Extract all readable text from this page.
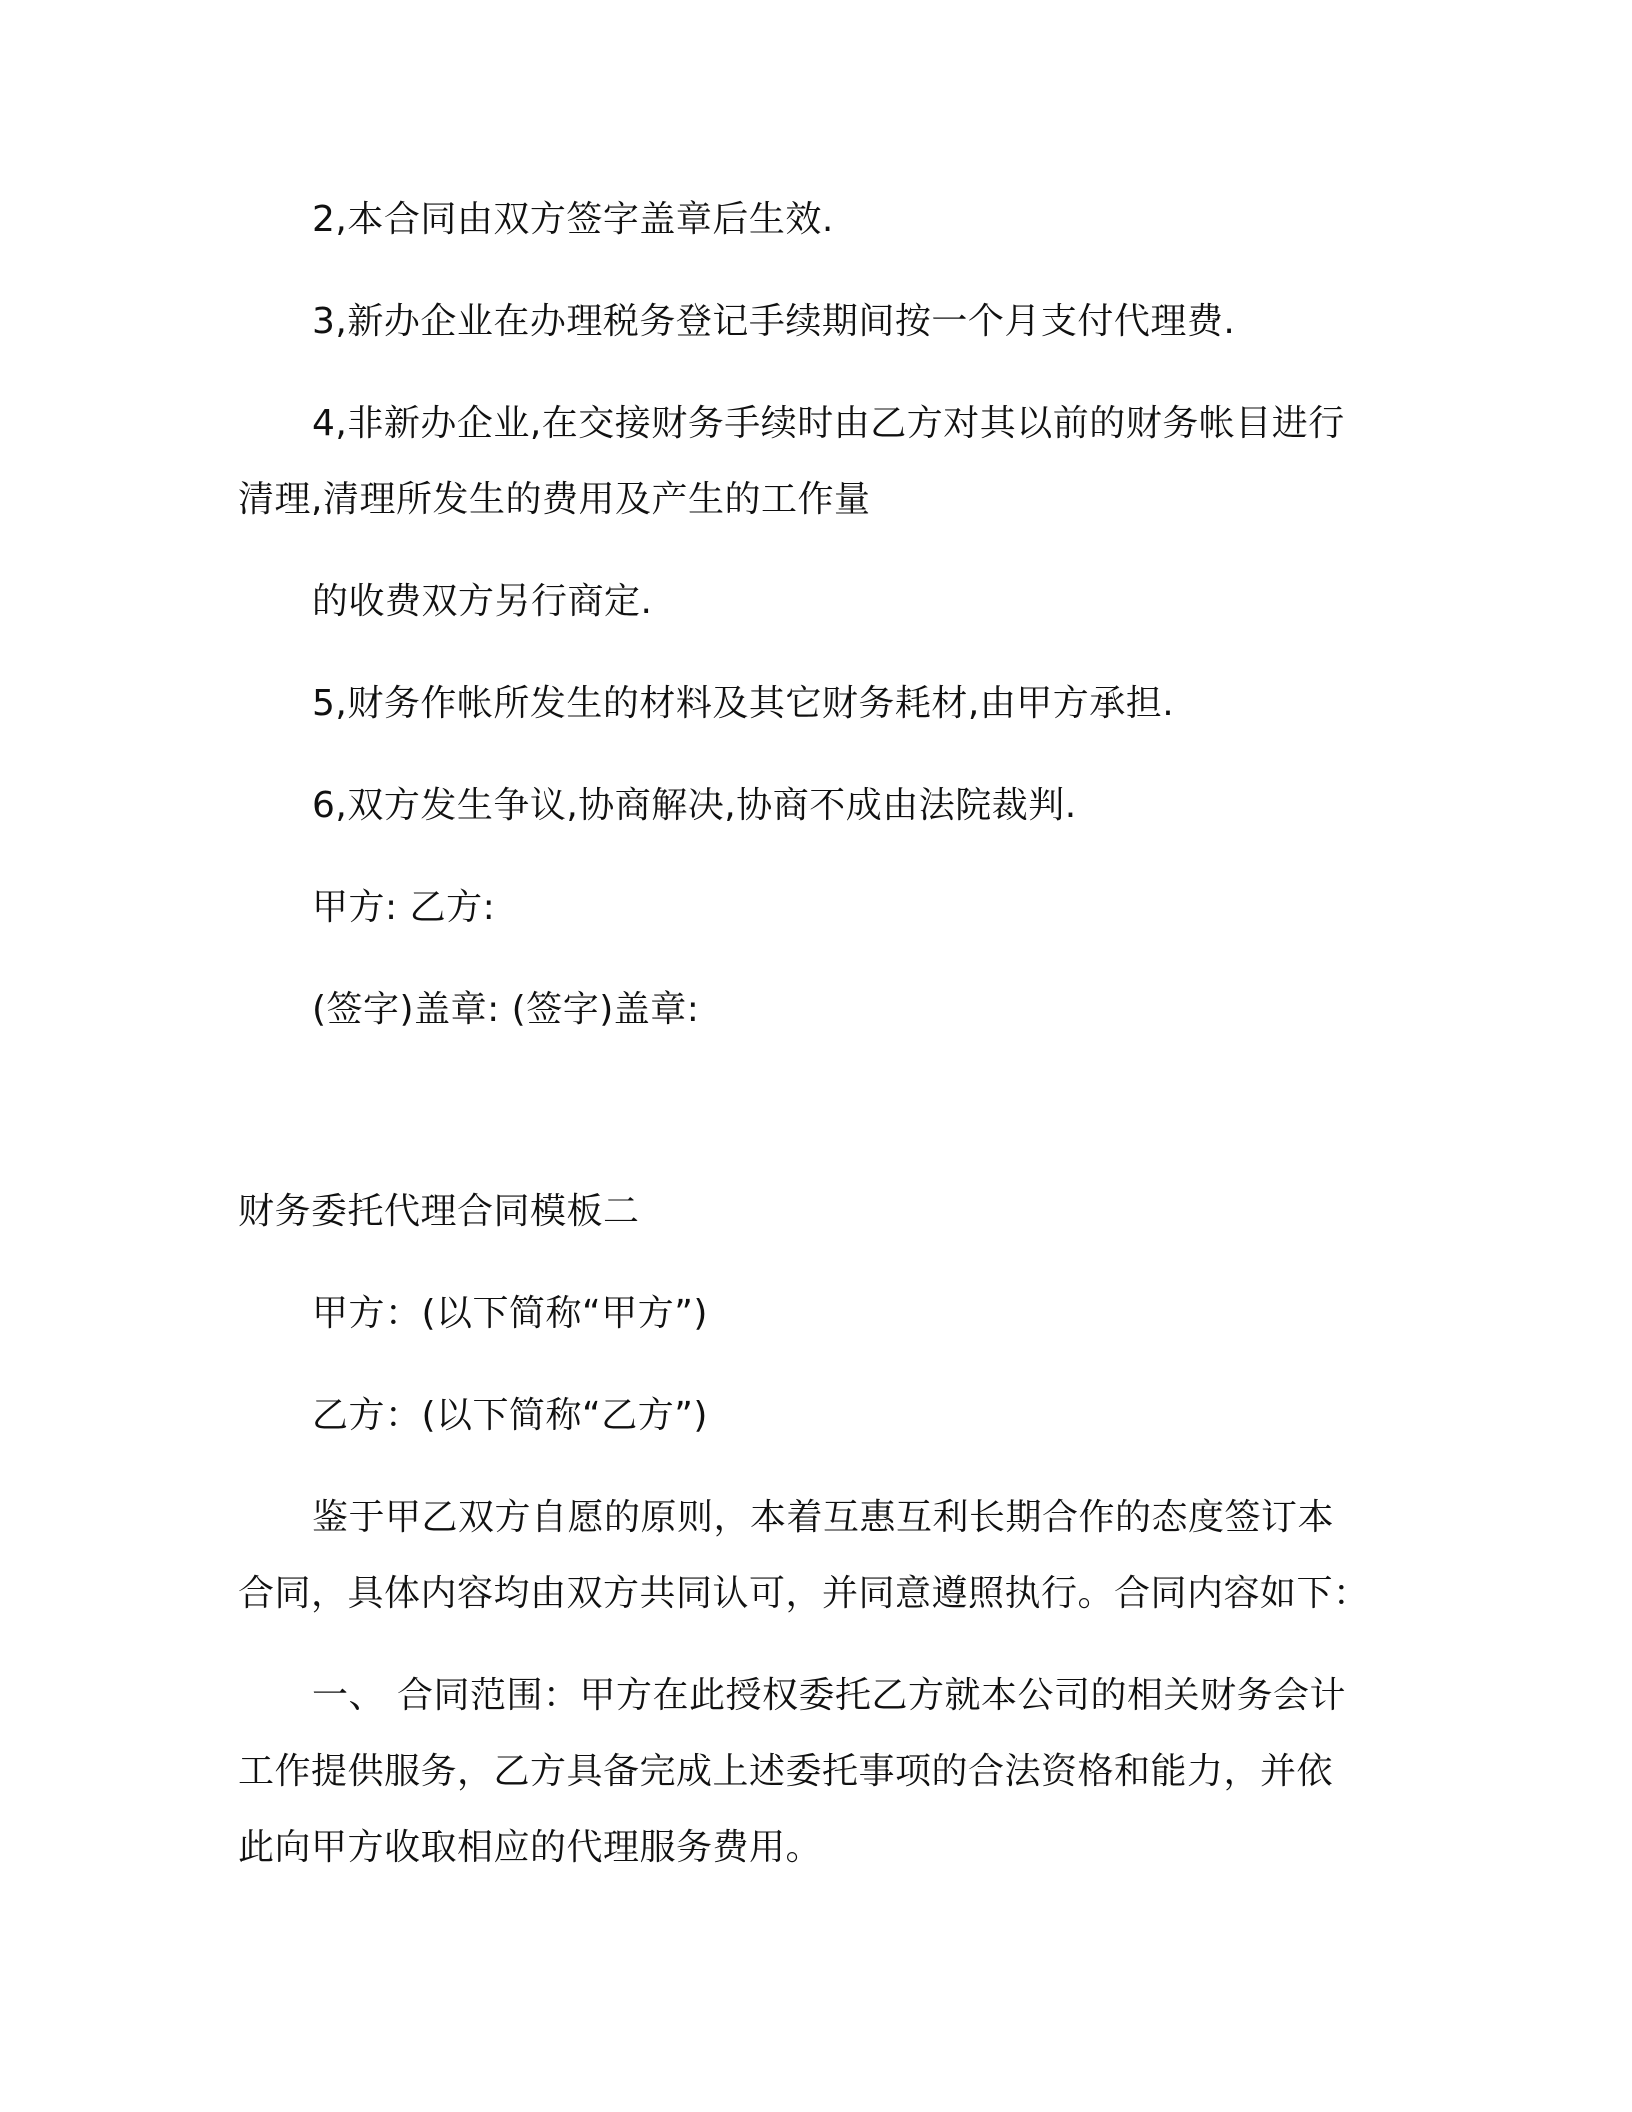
2,本合同由双方签字盖章后生效.
3,新办企业在办理税务登记手续期间按一个月支付代理费.
4,非新办企业,在交接财务手续时由乙方对其以前的财务帐目进行
清理,清理所发生的费用及产生的工作量
的收费双方另行商定.
5,财务作帐所发生的材料及其它财务耗材,由甲方承担.
6,双方发生争议,协商解决,协商不成由法院裁判.
甲方: 乙方:
(签字)盖章: (签字)盖章:
财务委托代理合同模板二
甲方：(以下简称“甲方”)
乙方：(以下简称“乙方”)
鉴于甲乙双方自愿的原则，本着互惠互利长期合作的态度签订本
合同，具体内容均由双方共同认可，并同意遵照执行。合同内容如下：
一、 合同范围：甲方在此授权委托乙方就本公司的相关财务会计
工作提供服务，乙方具备完成上述委托事项的合法资格和能力，并依
此向甲方收取相应的代理服务费用。
